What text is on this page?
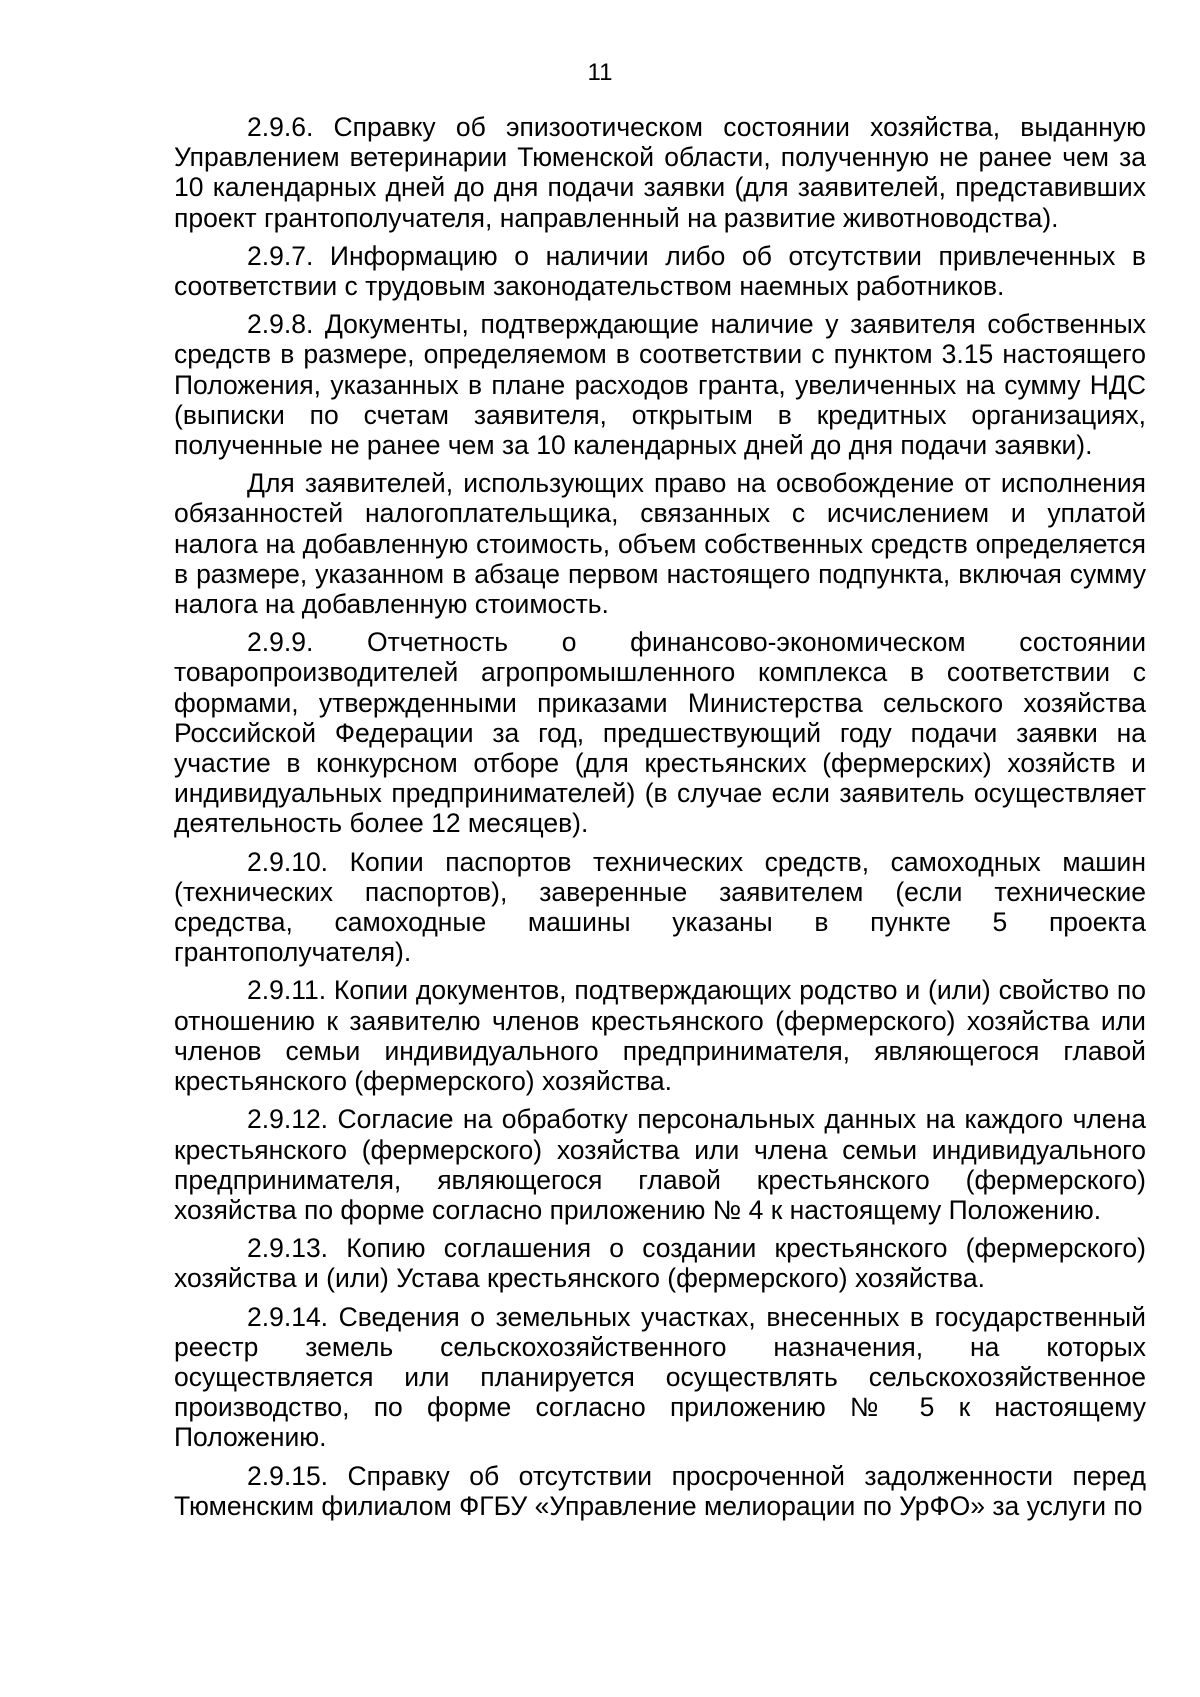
11

2.9.6. Справку об эпизоотическом состоянии хозяйства, выданную Управлением ветеринарии Тюменской области, полученную не ранее чем за 10 календарных дней до дня подачи заявки (для заявителей, представивших проект грантополучателя, направленный на развитие животноводства).

2.9.7. Информацию о наличии либо об отсутствии привлеченных в соответствии с трудовым законодательством наемных работников.

2.9.8. Документы, подтверждающие наличие у заявителя собственных средств в размере, определяемом в соответствии с пунктом 3.15 настоящего Положения, указанных в плане расходов гранта, увеличенных на сумму НДС (выписки по счетам заявителя, открытым в кредитных организациях, полученные не ранее чем за 10 календарных дней до дня подачи заявки).

Для заявителей, использующих право на освобождение от исполнения обязанностей налогоплательщика, связанных с исчислением и уплатой налога на добавленную стоимость, объем собственных средств определяется в размере, указанном в абзаце первом настоящего подпункта, включая сумму налога на добавленную стоимость.

2.9.9. Отчетность о финансово-экономическом состоянии товаропроизводителей агропромышленного комплекса в соответствии с формами, утвержденными приказами Министерства сельского хозяйства Российской Федерации за год, предшествующий году подачи заявки на участие в конкурсном отборе (для крестьянских (фермерских) хозяйств и индивидуальных предпринимателей) (в случае если заявитель осуществляет деятельность более 12 месяцев).

2.9.10. Копии паспортов технических средств, самоходных машин (технических паспортов), заверенные заявителем (если технические средства, самоходные машины указаны в пункте 5 проекта грантополучателя).

2.9.11. Копии документов, подтверждающих родство и (или) свойство по отношению к заявителю членов крестьянского (фермерского) хозяйства или членов семьи индивидуального предпринимателя, являющегося главой крестьянского (фермерского) хозяйства.

2.9.12. Согласие на обработку персональных данных на каждого члена крестьянского (фермерского) хозяйства или члена семьи индивидуального предпринимателя, являющегося главой крестьянского (фермерского) хозяйства по форме согласно приложению № 4 к настоящему Положению.

2.9.13. Копию соглашения о создании крестьянского (фермерского) хозяйства и (или) Устава крестьянского (фермерского) хозяйства.

2.9.14. Сведения о земельных участках, внесенных в государственный реестр земель сельскохозяйственного назначения, на которых осуществляется или планируется осуществлять сельскохозяйственное производство, по форме согласно приложению № 5 к настоящему Положению.

2.9.15. Справку об отсутствии просроченной задолженности перед Тюменским филиалом ФГБУ «Управление мелиорации по УрФО» за услуги по
